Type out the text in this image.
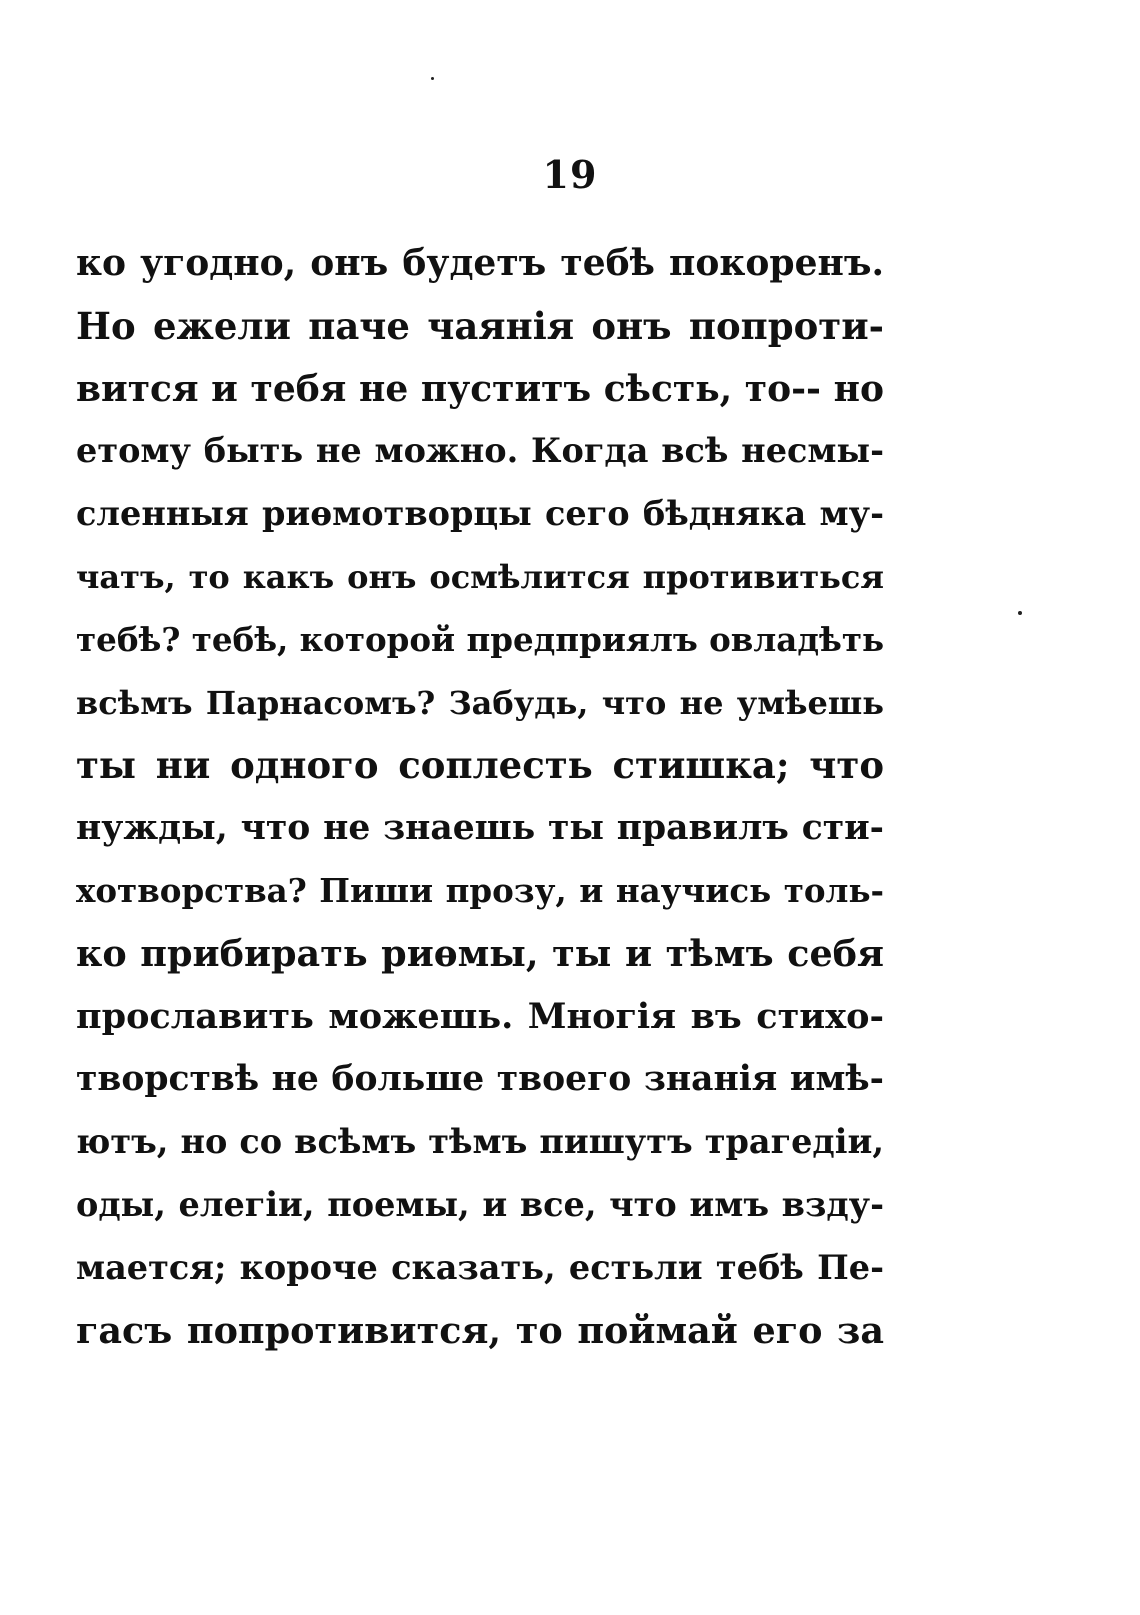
19
ко угодно, онъ будетъ тебѣ покоренъ.
Но ежели паче чаянія онъ попроти-
вится и тебя не пуститъ сѣсть, то-- но
етому быть не можно. Когда всѣ несмы-
сленныя риѳмотворцы сего бѣдняка му-
чатъ, то какъ онъ осмѣлится противиться
тебѣ? тебѣ, которой предприялъ овладѣть
всѣмъ Парнасомъ? Забудь, что не умѣешь
ты ни одного соплесть стишка; что
нужды, что не знаешь ты правилъ сти-
хотворства? Пиши прозу, и научись толь-
ко прибирать риѳмы, ты и тѣмъ себя
прославить можешь. Многія въ стихо-
творствѣ не больше твоего знанія имѣ-
ютъ, но со всѣмъ тѣмъ пишутъ трагедіи,
оды, елегіи, поемы, и все, что имъ взду-
мается; короче сказать, естьли тебѣ Пе-
гасъ попротивится, то поймай его за
